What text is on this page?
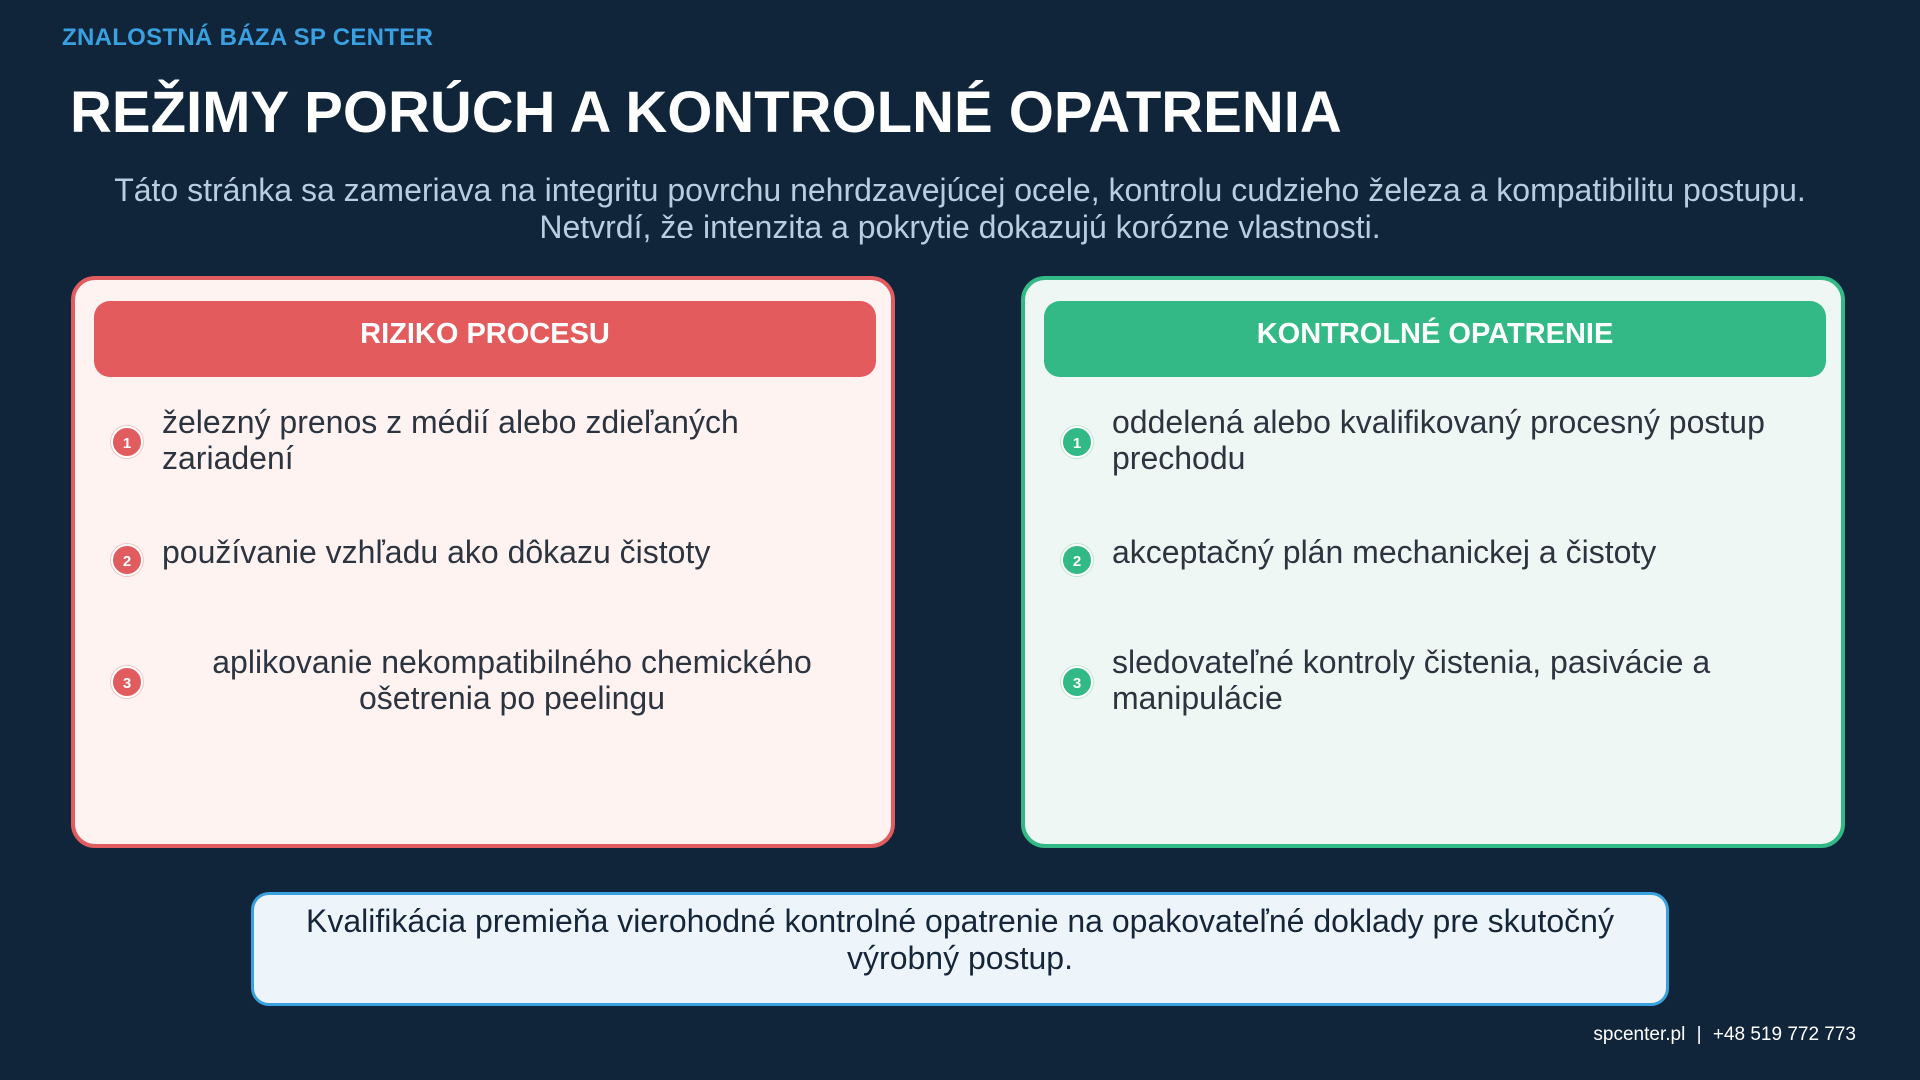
ZNALOSTNÁ BÁZA SP CENTER
REŽIMY PORÚCH A KONTROLNÉ OPATRENIA
Táto stránka sa zameriava na integritu povrchu nehrdzavejúcej ocele, kontrolu cudzieho železa a kompatibilitu postupu.
Netvrdí, že intenzita a pokrytie dokazujú korózne vlastnosti.
RIZIKO PROCESU
1
železný prenos z médií alebo zdieľaných zariadení
2 používanie vzhľadu ako dôkazu čistoty
3
aplikovanie nekompatibilného chemického ošetrenia po peelingu
KONTROLNÉ OPATRENIE
1
oddelená alebo kvalifikovaný procesný postup prechodu
2 akceptačný plán mechanickej a čistoty
3
sledovateľné kontroly čistenia, pasivácie a manipulácie
Kvalifikácia premieňa vierohodné kontrolné opatrenie na opakovateľné doklady pre skutočný výrobný postup.
spcenter.pl | +48 519 772 773
